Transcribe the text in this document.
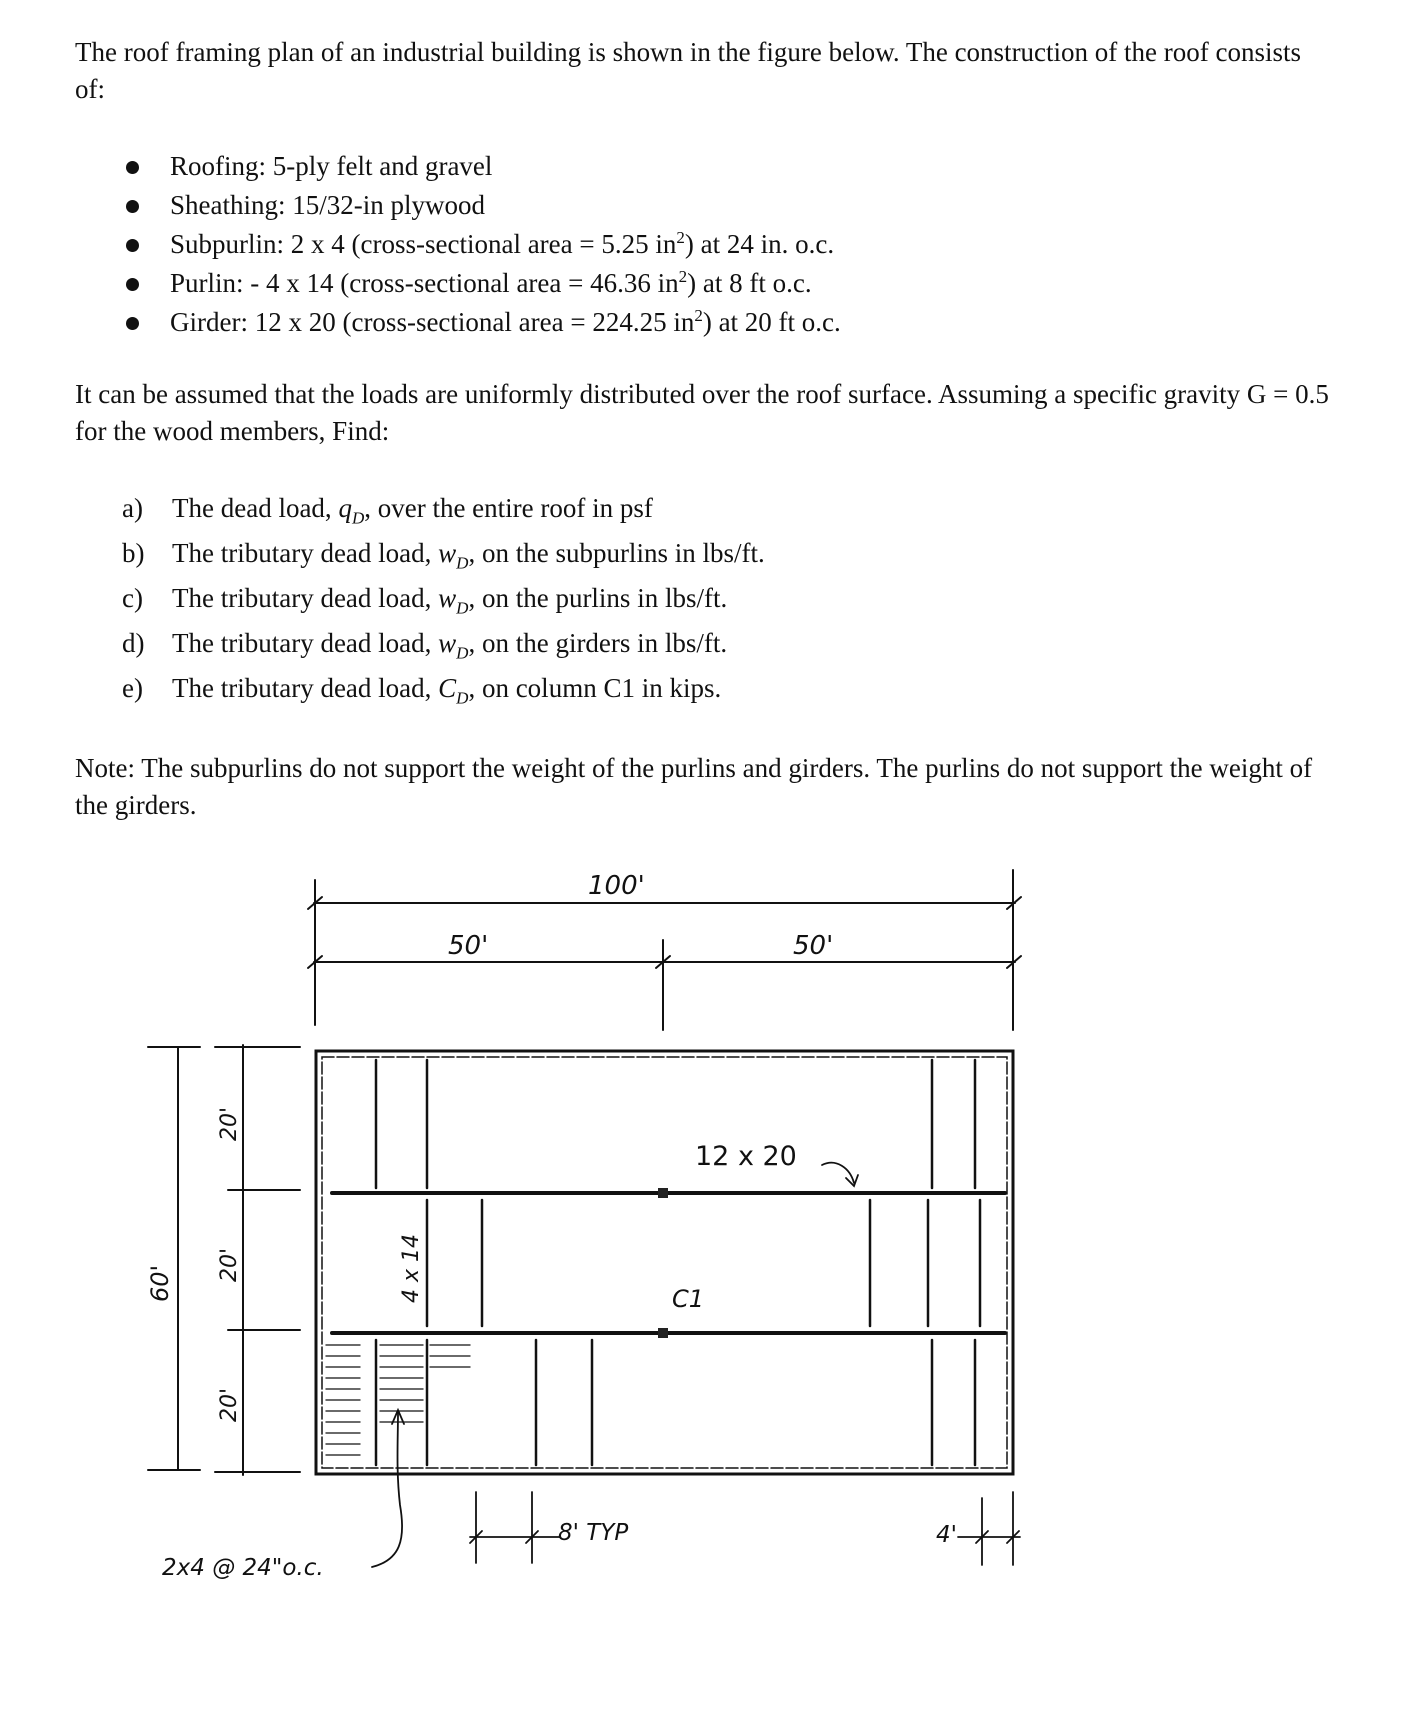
The roof framing plan of an industrial building is shown in the figure below. The construction of the roof consists of:

Roofing: 5-ply felt and gravel
Sheathing: 15/32-in plywood
Subpurlin: 2 x 4 (cross-sectional area = 5.25 $in^2$) at 24 in. o.c.
Purlin: - 4 x 14 (cross-sectional area = 46.36 $in^2$) at 8 ft o.c.
Girder: 12 x 20 (cross-sectional area = 224.25 $in^2$) at 20 ft o.c.

It can be assumed that the loads are uniformly distributed over the roof surface. Assuming a specific gravity G = 0.5 for the wood members, Find:

a) The dead load, $q_D$, over the entire roof in psf
b) The tributary dead load, $w_D$, on the subpurlins in lbs/ft.
c) The tributary dead load, $w_D$, on the purlins in lbs/ft.
d) The tributary dead load, $w_D$, on the girders in lbs/ft.
e) The tributary dead load, $C_D$, on column C1 in kips.

Note: The subpurlins do not support the weight of the purlins and girders. The purlins do not support the weight of the girders.

100'
50'	50'
60'
20'
20'
20'
4 x 14
12 x 20
C1
8' TYP	4'
2x4 @ 24"o.c.
